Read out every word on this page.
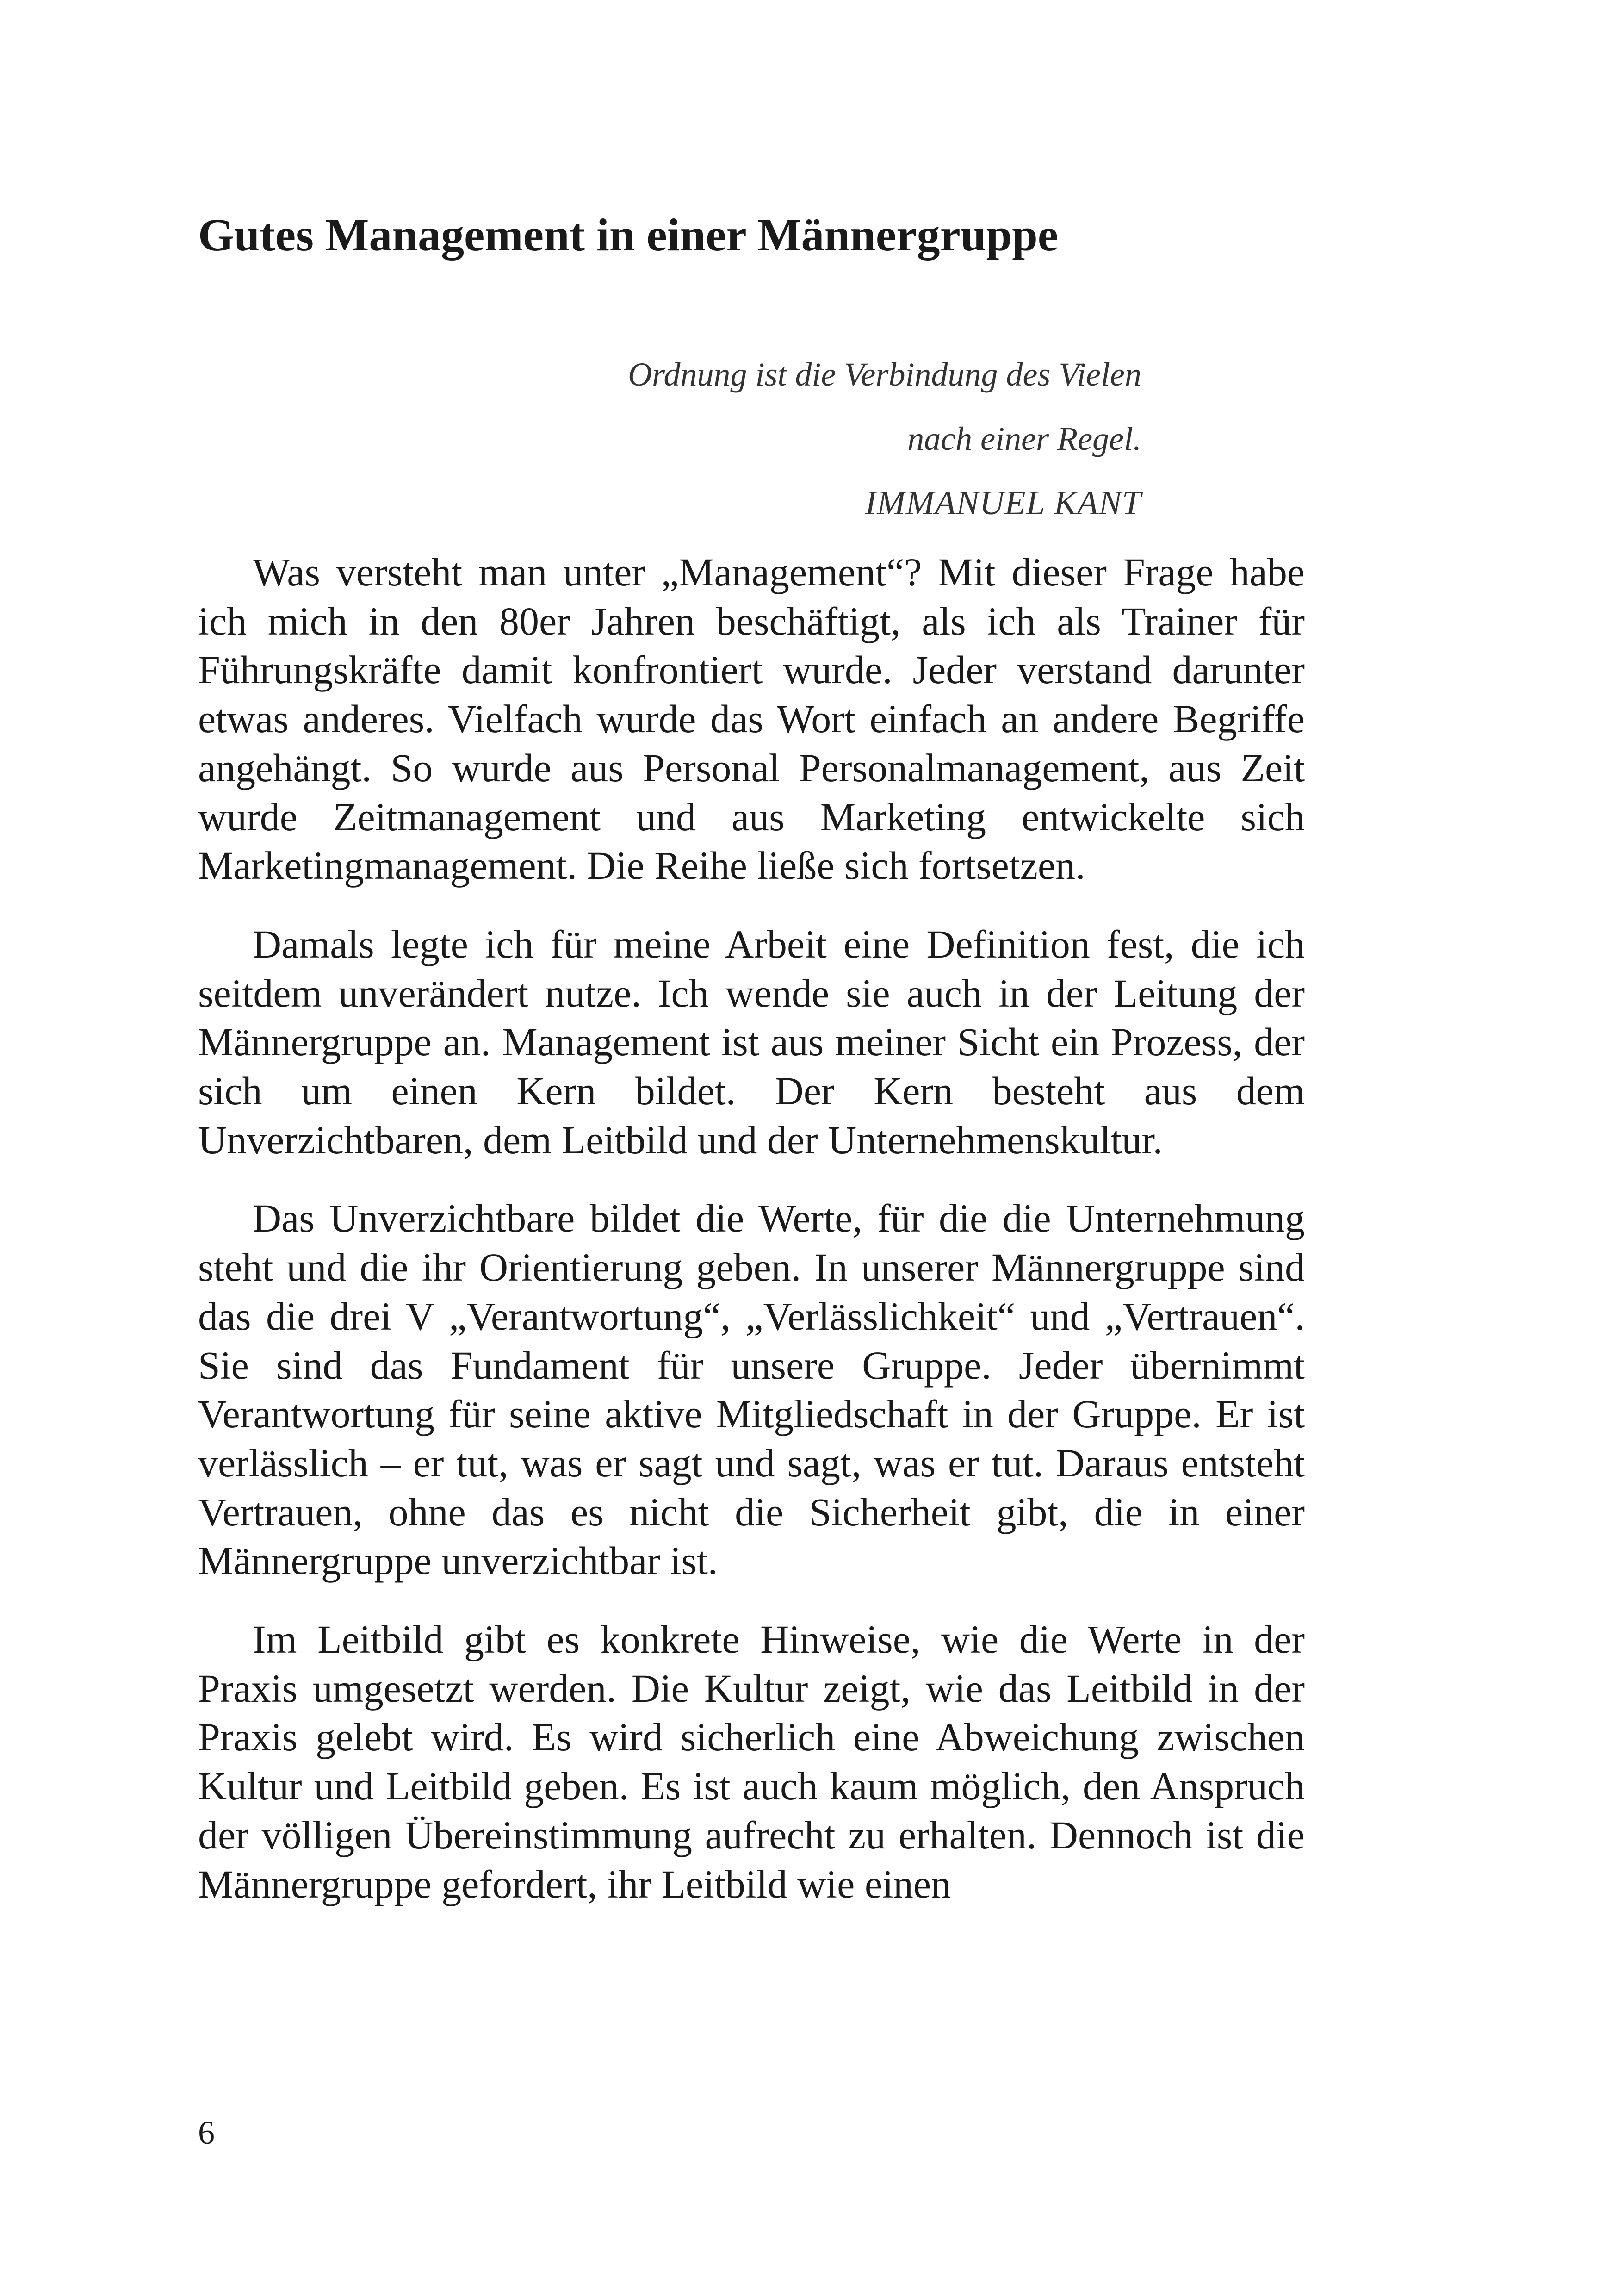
Gutes Management in einer Männergruppe
Ordnung ist die Verbindung des Vielen
nach einer Regel.
IMMANUEL KANT

Was versteht man unter „Management“? Mit dieser Frage habe ich mich in den 80er Jahren beschäftigt, als ich als Trainer für Führungskräfte damit konfrontiert wurde. Jeder verstand darunter etwas anderes. Vielfach wurde das Wort einfach an andere Begriffe angehängt. So wurde aus Personal Personalmanagement, aus Zeit wurde Zeitmanagement und aus Marketing entwickelte sich Marketingmanagement. Die Reihe ließe sich fortsetzen.

Damals legte ich für meine Arbeit eine Definition fest, die ich seitdem unverändert nutze. Ich wende sie auch in der Leitung der Männergruppe an. Management ist aus meiner Sicht ein Prozess, der sich um einen Kern bildet. Der Kern besteht aus dem Unverzichtbaren, dem Leitbild und der Unternehmenskultur.

Das Unverzichtbare bildet die Werte, für die die Unternehmung steht und die ihr Orientierung geben. In unserer Männergruppe sind das die drei V „Verantwortung“, „Verlässlichkeit“ und „Vertrauen“. Sie sind das Fundament für unsere Gruppe. Jeder übernimmt Verantwortung für seine aktive Mitgliedschaft in der Gruppe. Er ist verlässlich – er tut, was er sagt und sagt, was er tut. Daraus entsteht Vertrauen, ohne das es nicht die Sicherheit gibt, die in einer Männergruppe unverzichtbar ist.

Im Leitbild gibt es konkrete Hinweise, wie die Werte in der Praxis umgesetzt werden. Die Kultur zeigt, wie das Leitbild in der Praxis gelebt wird. Es wird sicherlich eine Abweichung zwischen Kultur und Leitbild geben. Es ist auch kaum möglich, den Anspruch der völligen Übereinstimmung aufrecht zu erhalten. Dennoch ist die Männergruppe gefordert, ihr Leitbild wie einen

6
